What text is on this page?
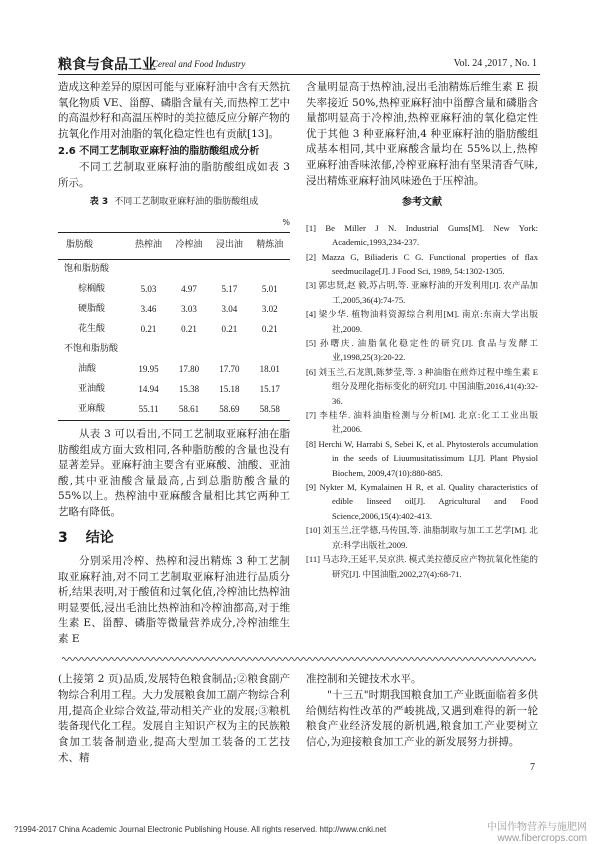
粮食与食品工业
Cereal and Food Industry	Vol. 24 ,2017 , No. 1

造成这种差异的原因可能与亚麻籽油中含有天然抗氧化物质 VE、甾醇、磷脂含量有关,而热榨工艺中的高温炒籽和高温压榨时的美拉德反应分解产物的抗氧化作用对油脂的氧化稳定性也有贡献[13]。

2.6 不同工艺制取亚麻籽油的脂肪酸组成分析

不同工艺制取亚麻籽油的脂肪酸组成如表 3 所示。

表 3 不同工艺制取亚麻籽油的脂肪酸组成
%
脂肪酸	热榨油	冷榨油	浸出油	精炼油
饱和脂肪酸				
棕榈酸	5.03	4.97	5.17	5.01
硬脂酸	3.46	3.03	3.04	3.02
花生酸	0.21	0.21	0.21	0.21
不饱和脂肪酸				
油酸	19.95	17.80	17.70	18.01
亚油酸	14.94	15.38	15.18	15.17
亚麻酸	55.11	58.61	58.69	58.58

从表 3 可以看出,不同工艺制取亚麻籽油在脂肪酸组成方面大致相同,各种脂肪酸的含量也没有显著差异。亚麻籽油主要含有亚麻酸、油酸、亚油酸,其中亚油酸含量最高,占到总脂肪酸含量的 55%以上。热榨油中亚麻酸含量相比其它两种工艺略有降低。

3 结论

分别采用冷榨、热榨和浸出精炼 3 种工艺制取亚麻籽油,对不同工艺制取亚麻籽油进行品质分析,结果表明,对于酸值和过氧化值,冷榨油比热榨油明显要低,浸出毛油比热榨油和冷榨油都高,对于维生素 E、甾醇、磷脂等微量营养成分,冷榨油维生素 E

含量明显高于热榨油,浸出毛油精炼后维生素 E 损失率接近 50%,热榨亚麻籽油中甾醇含量和磷脂含量都明显高于冷榨油,热榨亚麻籽油的氧化稳定性优于其他 3 种亚麻籽油,4 种亚麻籽油的脂肪酸组成基本相同,其中亚麻酸含量均在 55%以上,热榨亚麻籽油香味浓郁,冷榨亚麻籽油有坚果清香气味,浸出精炼亚麻籽油风味逊色于压榨油。

参考文献

[1] Be Miller J N. Industrial Gums[M]. New York: Academic,1993,234-237.

[2] Mazza G, Biliaderis C G. Functional properties of flax seedmucilage[J]. J Food Sci, 1989, 54:1302-1305.

[3] 郭忠贤,赵 毅,苏占明,等. 亚麻籽油的开发利用[J]. 农产品加工,2005,36(4):74-75.

[4] 梁少华. 植物油料资源综合利用[M]. 南京:东南大学出版社,2009.

[5] 孙曙庆. 油脂氧化稳定性的研究[J]. 食品与发酵工业,1998,25(3):20-22.

[6] 刘玉兰,石龙凯,陈梦莹,等. 3 种油脂在煎炸过程中维生素 E 组分及理化指标变化的研究[J]. 中国油脂,2016,41(4):32-36.

[7] 李桂华. 油料油脂检测与分析[M]. 北京:化工工业出版社,2006.

[8] Herchi W, Harrabi S, Sebei K, et al. Phytosterols accumulation in the seeds of Liuumusitatissimum L[J]. Plant Physiol Biochem, 2009,47(10):880-885.

[9] Nykter M, Kymalainen H R, et al. Quality characteristics of edible linseed oil[J]. Agricultural and Food Science,2006,15(4):402-413.

[10] 刘玉兰,汪学德,马传国,等. 油脂制取与加工工艺学[M]. 北京:科学出版社,2009.

[11] 马志玲,王延平,吴京洪. 模式美拉德反应产物抗氧化性能的研究[J]. 中国油脂,2002,27(4):68-71.

(上接第 2 页)品质,发展特色粮食制品;②粮食副产物综合利用工程。大力发展粮食加工副产物综合利用,提高企业综合效益,带动相关产业的发展;③粮机装备现代化工程。发展自主知识产权为主的民族粮食加工装备制造业,提高大型加工装备的工艺技术、精

准控制和关键技术水平。

"十三五"时期我国粮食加工产业既面临着多供给侧结构性改革的严峻挑战,又遇到难得的新一轮粮食产业经济发展的新机遇,粮食加工产业要树立信心,为迎接粮食加工产业的新发展努力拼搏。

7
?1994-2017 China Academic Journal Electronic Publishing House. All rights reserved. http://www.cnki.net	中国作物营养与施肥网
www.fibercrops.com
